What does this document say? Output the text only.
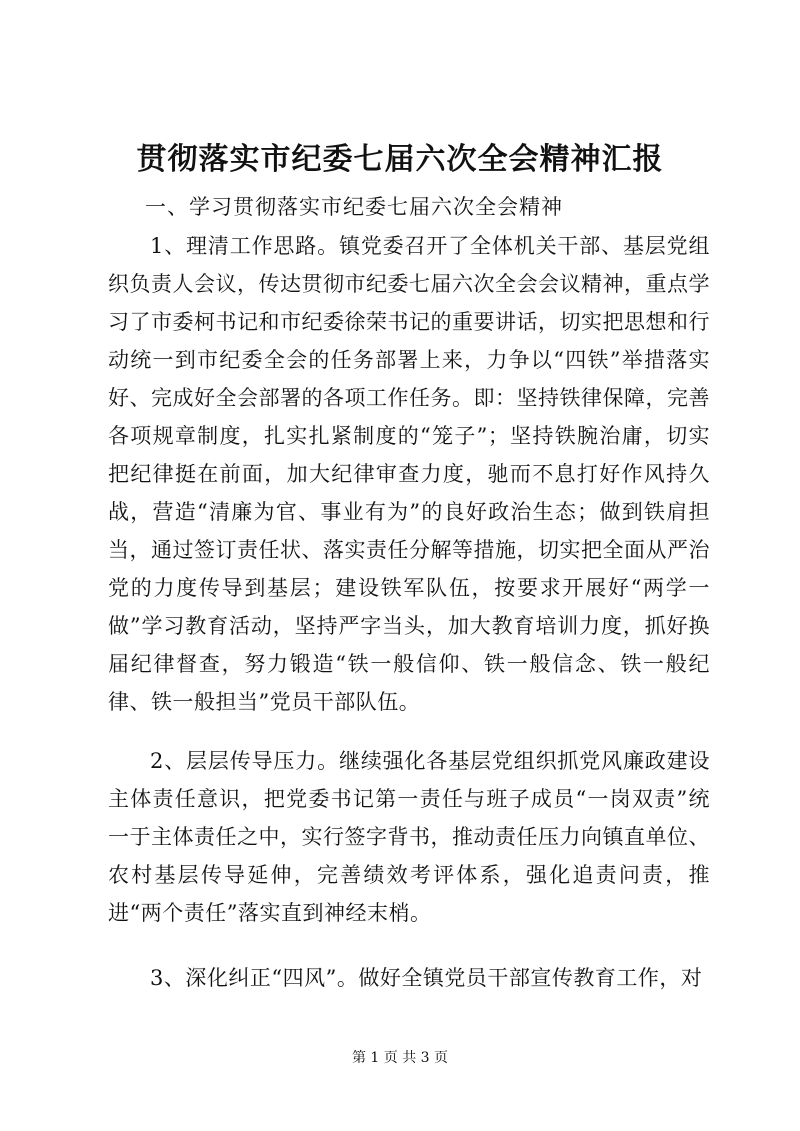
贯彻落实市纪委七届六次全会精神汇报
一、学习贯彻落实市纪委七届六次全会精神

1、理清工作思路。镇党委召开了全体机关干部、基层党组织负责人会议，传达贯彻市纪委七届六次全会会议精神，重点学习了市委柯书记和市纪委徐荣书记的重要讲话，切实把思想和行动统一到市纪委全会的任务部署上来，力争以“四铁”举措落实好、完成好全会部署的各项工作任务。即：坚持铁律保障，完善各项规章制度，扎实扎紧制度的“笼子”；坚持铁腕治庸，切实把纪律挺在前面，加大纪律审查力度，驰而不息打好作风持久战，营造“清廉为官、事业有为”的良好政治生态；做到铁肩担当，通过签订责任状、落实责任分解等措施，切实把全面从严治党的力度传导到基层；建设铁军队伍，按要求开展好“两学一做”学习教育活动，坚持严字当头，加大教育培训力度，抓好换届纪律督查，努力锻造“铁一般信仰、铁一般信念、铁一般纪律、铁一般担当”党员干部队伍。

2、层层传导压力。继续强化各基层党组织抓党风廉政建设主体责任意识，把党委书记第一责任与班子成员“一岗双责”统一于主体责任之中，实行签字背书，推动责任压力向镇直单位、农村基层传导延伸，完善绩效考评体系，强化追责问责，推进“两个责任”落实直到神经末梢。

3、深化纠正“四风”。做好全镇党员干部宣传教育工作，对

第 1 页 共 3 页
